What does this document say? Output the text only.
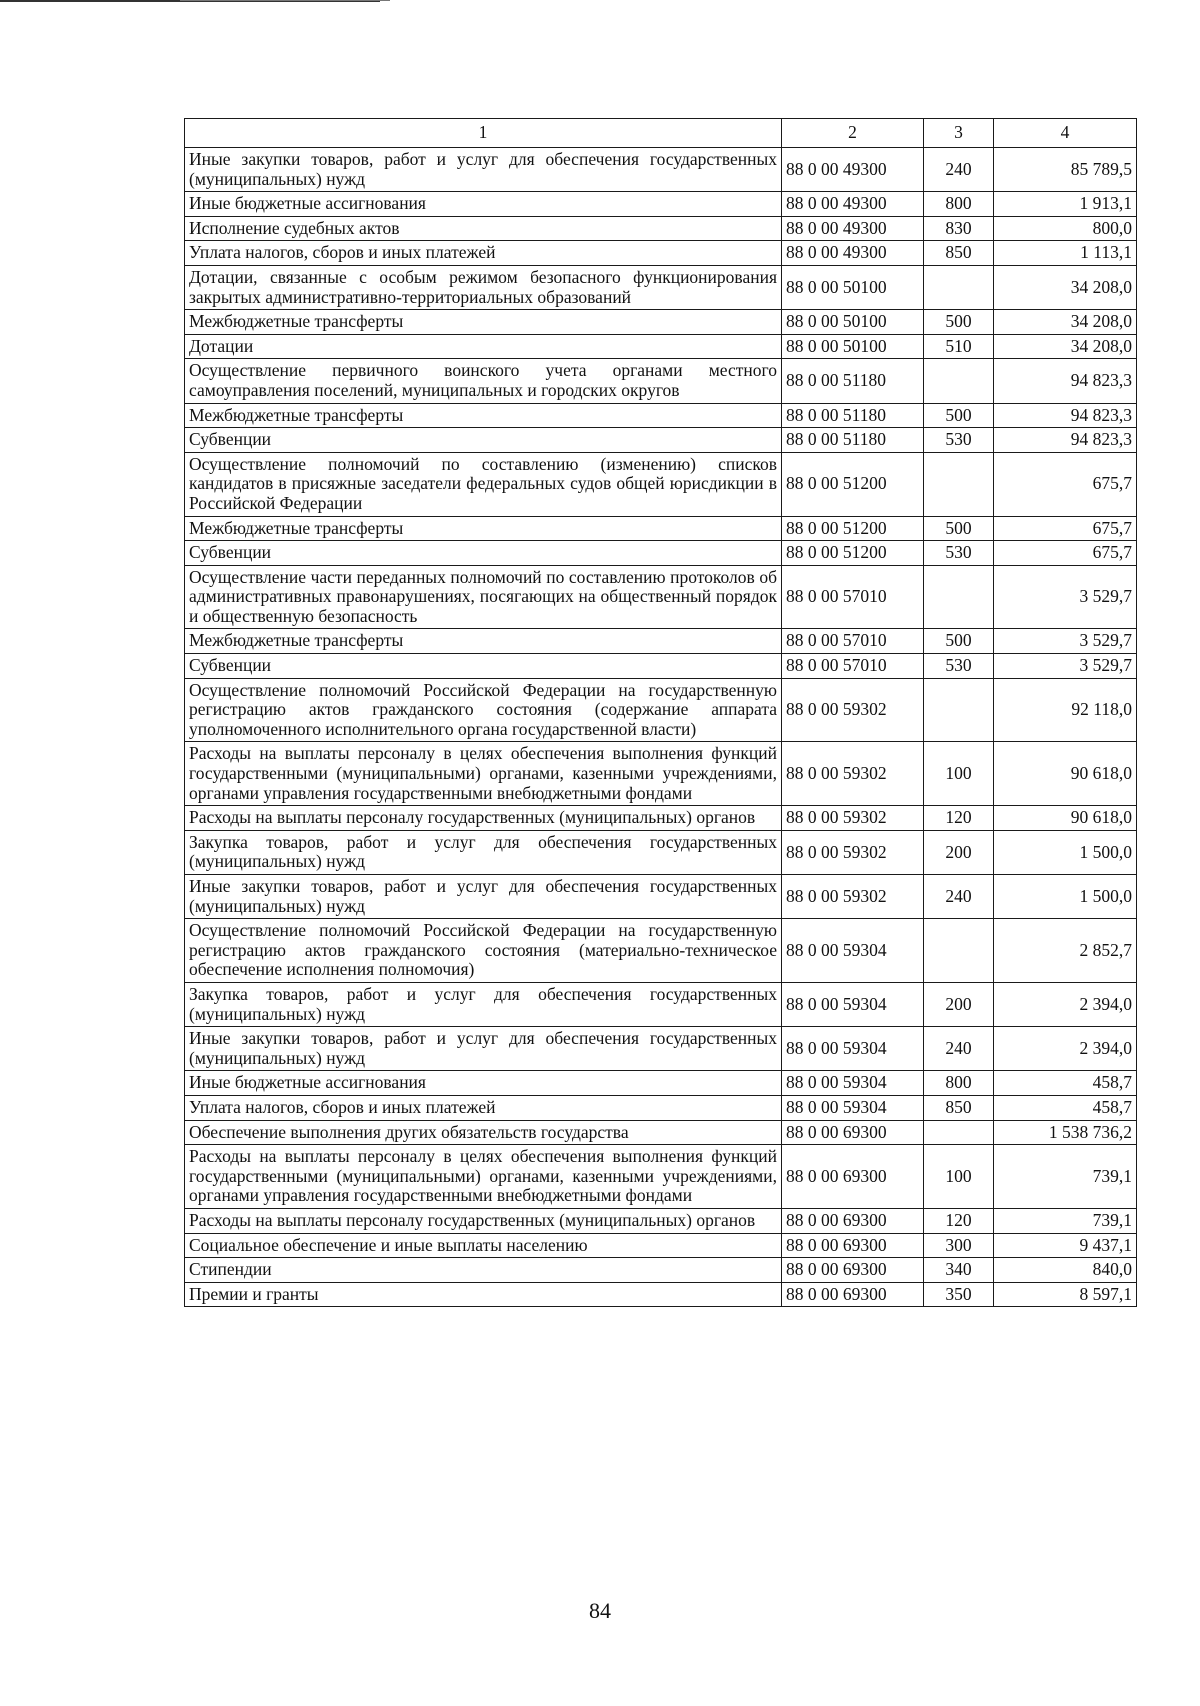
1	2	3	4
Иные закупки товаров, работ и услуг для обеспечения государственных (муниципальных) нужд	88 0 00 49300	240	85 789,5
Иные бюджетные ассигнования	88 0 00 49300	800	1 913,1
Исполнение судебных актов	88 0 00 49300	830	800,0
Уплата налогов, сборов и иных платежей	88 0 00 49300	850	1 113,1
Дотации, связанные с особым режимом безопасного функционирования закрытых административно-территориальных образований	88 0 00 50100		34 208,0
Межбюджетные трансферты	88 0 00 50100	500	34 208,0
Дотации	88 0 00 50100	510	34 208,0
Осуществление первичного воинского учета органами местного самоуправления поселений, муниципальных и городских округов	88 0 00 51180		94 823,3
Межбюджетные трансферты	88 0 00 51180	500	94 823,3
Субвенции	88 0 00 51180	530	94 823,3
Осуществление полномочий по составлению (изменению) списков кандидатов в присяжные заседатели федеральных судов общей юрисдикции в Российской Федерации	88 0 00 51200		675,7
Межбюджетные трансферты	88 0 00 51200	500	675,7
Субвенции	88 0 00 51200	530	675,7
Осуществление части переданных полномочий по составлению протоколов об административных правонарушениях, посягающих на общественный порядок и общественную безопасность	88 0 00 57010		3 529,7
Межбюджетные трансферты	88 0 00 57010	500	3 529,7
Субвенции	88 0 00 57010	530	3 529,7
Осуществление полномочий Российской Федерации на государственную регистрацию актов гражданского состояния (содержание аппарата уполномоченного исполнительного органа государственной власти)	88 0 00 59302		92 118,0
Расходы на выплаты персоналу в целях обеспечения выполнения функций государственными (муниципальными) органами, казенными учреждениями, органами управления государственными внебюджетными фондами	88 0 00 59302	100	90 618,0
Расходы на выплаты персоналу государственных (муниципальных) органов	88 0 00 59302	120	90 618,0
Закупка товаров, работ и услуг для обеспечения государственных (муниципальных) нужд	88 0 00 59302	200	1 500,0
Иные закупки товаров, работ и услуг для обеспечения государственных (муниципальных) нужд	88 0 00 59302	240	1 500,0
Осуществление полномочий Российской Федерации на государственную регистрацию актов гражданского состояния (материально-техническое обеспечение исполнения полномочия)	88 0 00 59304		2 852,7
Закупка товаров, работ и услуг для обеспечения государственных (муниципальных) нужд	88 0 00 59304	200	2 394,0
Иные закупки товаров, работ и услуг для обеспечения государственных (муниципальных) нужд	88 0 00 59304	240	2 394,0
Иные бюджетные ассигнования	88 0 00 59304	800	458,7
Уплата налогов, сборов и иных платежей	88 0 00 59304	850	458,7
Обеспечение выполнения других обязательств государства	88 0 00 69300		1 538 736,2
Расходы на выплаты персоналу в целях обеспечения выполнения функций государственными (муниципальными) органами, казенными учреждениями, органами управления государственными внебюджетными фондами	88 0 00 69300	100	739,1
Расходы на выплаты персоналу государственных (муниципальных) органов	88 0 00 69300	120	739,1
Социальное обеспечение и иные выплаты населению	88 0 00 69300	300	9 437,1
Стипендии	88 0 00 69300	340	840,0
Премии и гранты	88 0 00 69300	350	8 597,1
84
